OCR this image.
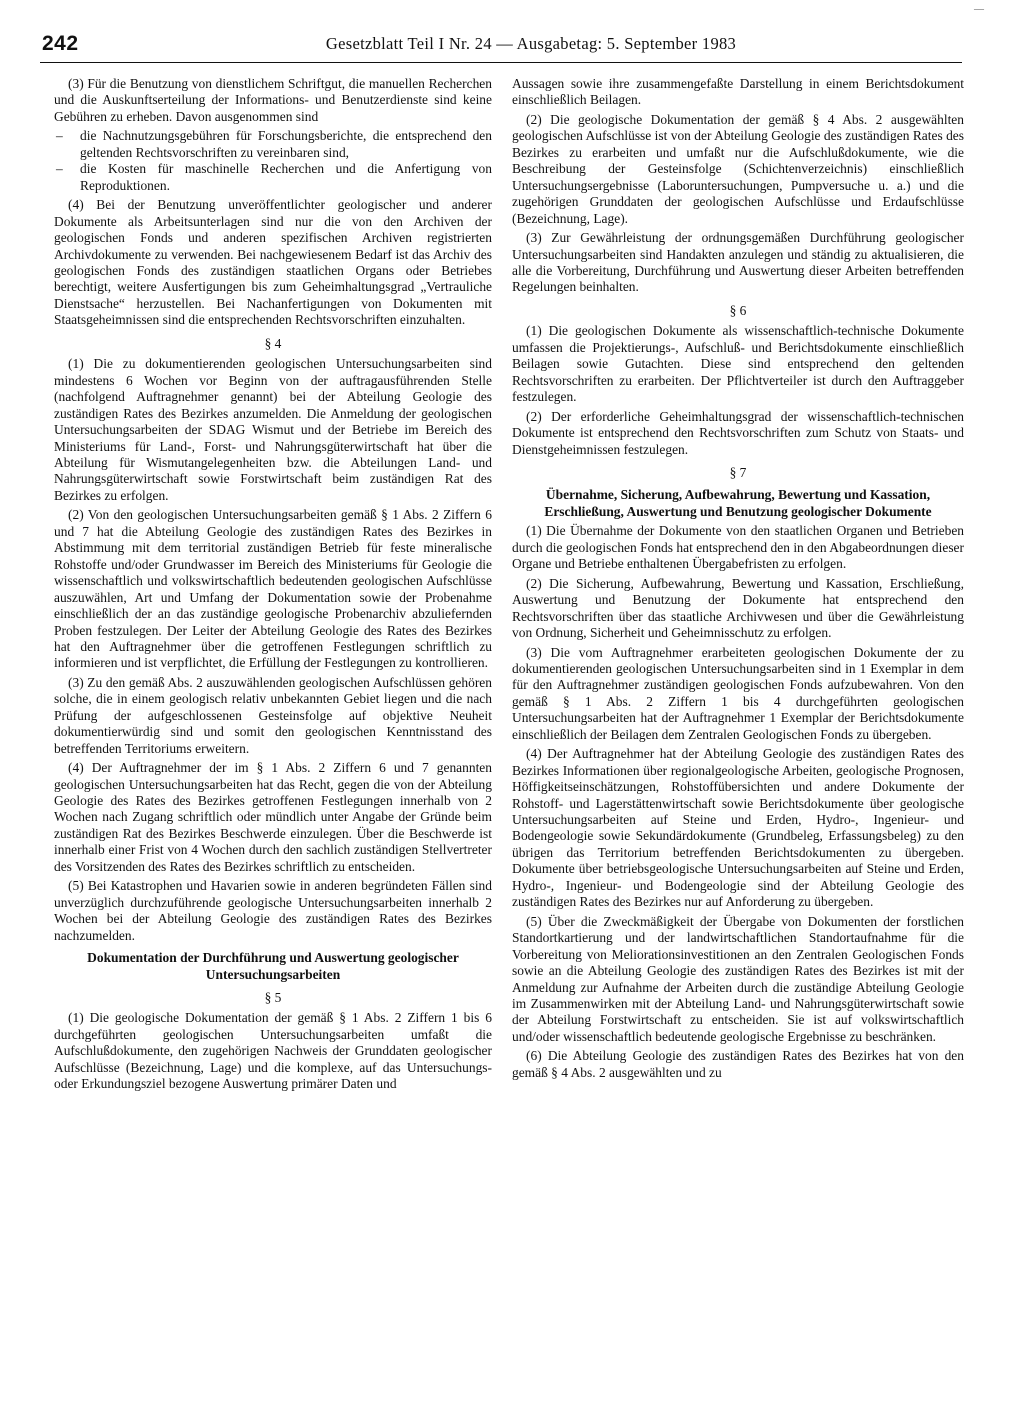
—
242	Gesetzblatt Teil I Nr. 24 — Ausgabetag: 5. September 1983

(3) Für die Benutzung von dienstlichem Schriftgut, die manuellen Recherchen und die Auskunftserteilung der Informations- und Benutzerdienste sind keine Gebühren zu erheben. Davon ausgenommen sind

– die Nachnutzungsgebühren für Forschungsberichte, die entsprechend den geltenden Rechtsvorschriften zu vereinbaren sind,
– die Kosten für maschinelle Recherchen und die Anfertigung von Reproduktionen.

(4) Bei der Benutzung unveröffentlichter geologischer und anderer Dokumente als Arbeitsunterlagen sind nur die von den Archiven der geologischen Fonds und anderen spezifischen Archiven registrierten Archivdokumente zu verwenden. Bei nachgewiesenem Bedarf ist das Archiv des geologischen Fonds des zuständigen staatlichen Organs oder Betriebes berechtigt, weitere Ausfertigungen bis zum Geheimhaltungsgrad „Vertrauliche Dienstsache“ herzustellen. Bei Nachanfertigungen von Dokumenten mit Staatsgeheimnissen sind die entsprechenden Rechtsvorschriften einzuhalten.

§ 4

(1) Die zu dokumentierenden geologischen Untersuchungsarbeiten sind mindestens 6 Wochen vor Beginn von der auftragausführenden Stelle (nachfolgend Auftragnehmer genannt) bei der Abteilung Geologie des zuständigen Rates des Bezirkes anzumelden. Die Anmeldung der geologischen Untersuchungsarbeiten der SDAG Wismut und der Betriebe im Bereich des Ministeriums für Land-, Forst- und Nahrungsgüterwirtschaft hat über die Abteilung für Wismutangelegenheiten bzw. die Abteilungen Land- und Nahrungsgüterwirtschaft sowie Forstwirtschaft beim zuständigen Rat des Bezirkes zu erfolgen.

(2) Von den geologischen Untersuchungsarbeiten gemäß § 1 Abs. 2 Ziffern 6 und 7 hat die Abteilung Geologie des zuständigen Rates des Bezirkes in Abstimmung mit dem territorial zuständigen Betrieb für feste mineralische Rohstoffe und/oder Grundwasser im Bereich des Ministeriums für Geologie die wissenschaftlich und volkswirtschaftlich bedeutenden geologischen Aufschlüsse auszuwählen, Art und Umfang der Dokumentation sowie der Probenahme einschließlich der an das zuständige geologische Probenarchiv abzuliefernden Proben festzulegen. Der Leiter der Abteilung Geologie des Rates des Bezirkes hat den Auftragnehmer über die getroffenen Festlegungen schriftlich zu informieren und ist verpflichtet, die Erfüllung der Festlegungen zu kontrollieren.

(3) Zu den gemäß Abs. 2 auszuwählenden geologischen Aufschlüssen gehören solche, die in einem geologisch relativ unbekannten Gebiet liegen und die nach Prüfung der aufgeschlossenen Gesteinsfolge auf objektive Neuheit dokumentierwürdig sind und somit den geologischen Kenntnisstand des betreffenden Territoriums erweitern.

(4) Der Auftragnehmer der im § 1 Abs. 2 Ziffern 6 und 7 genannten geologischen Untersuchungsarbeiten hat das Recht, gegen die von der Abteilung Geologie des Rates des Bezirkes getroffenen Festlegungen innerhalb von 2 Wochen nach Zugang schriftlich oder mündlich unter Angabe der Gründe beim zuständigen Rat des Bezirkes Beschwerde einzulegen. Über die Beschwerde ist innerhalb einer Frist von 4 Wochen durch den sachlich zuständigen Stellvertreter des Vorsitzenden des Rates des Bezirkes schriftlich zu entscheiden.

(5) Bei Katastrophen und Havarien sowie in anderen begründeten Fällen sind unverzüglich durchzuführende geologische Untersuchungsarbeiten innerhalb 2 Wochen bei der Abteilung Geologie des zuständigen Rates des Bezirkes nachzumelden.

Dokumentation der Durchführung und Auswertung geologischer Untersuchungsarbeiten
§ 5

(1) Die geologische Dokumentation der gemäß § 1 Abs. 2 Ziffern 1 bis 6 durchgeführten geologischen Untersuchungsarbeiten umfaßt die Aufschlußdokumente, den zugehörigen Nachweis der Grunddaten geologischer Aufschlüsse (Bezeichnung, Lage) und die komplexe, auf das Untersuchungs- oder Erkundungsziel bezogene Auswertung primärer Daten und

Aussagen sowie ihre zusammengefaßte Darstellung in einem Berichtsdokument einschließlich Beilagen.

(2) Die geologische Dokumentation der gemäß § 4 Abs. 2 ausgewählten geologischen Aufschlüsse ist von der Abteilung Geologie des zuständigen Rates des Bezirkes zu erarbeiten und umfaßt nur die Aufschlußdokumente, wie die Beschreibung der Gesteinsfolge (Schichtenverzeichnis) einschließlich Untersuchungsergebnisse (Laboruntersuchungen, Pumpversuche u. a.) und die zugehörigen Grunddaten der geologischen Aufschlüsse und Erdaufschlüsse (Bezeichnung, Lage).

(3) Zur Gewährleistung der ordnungsgemäßen Durchführung geologischer Untersuchungsarbeiten sind Handakten anzulegen und ständig zu aktualisieren, die alle die Vorbereitung, Durchführung und Auswertung dieser Arbeiten betreffenden Regelungen beinhalten.

§ 6

(1) Die geologischen Dokumente als wissenschaftlich-technische Dokumente umfassen die Projektierungs-, Aufschluß- und Berichtsdokumente einschließlich Beilagen sowie Gutachten. Diese sind entsprechend den geltenden Rechtsvorschriften zu erarbeiten. Der Pflichtverteiler ist durch den Auftraggeber festzulegen.

(2) Der erforderliche Geheimhaltungsgrad der wissenschaftlich-technischen Dokumente ist entsprechend den Rechtsvorschriften zum Schutz von Staats- und Dienstgeheimnissen festzulegen.

§ 7
Übernahme, Sicherung, Aufbewahrung, Bewertung und Kassation, Erschließung, Auswertung und Benutzung geologischer Dokumente

(1) Die Übernahme der Dokumente von den staatlichen Organen und Betrieben durch die geologischen Fonds hat entsprechend den in den Abgabeordnungen dieser Organe und Betriebe enthaltenen Übergabefristen zu erfolgen.

(2) Die Sicherung, Aufbewahrung, Bewertung und Kassation, Erschließung, Auswertung und Benutzung der Dokumente hat entsprechend den Rechtsvorschriften über das staatliche Archivwesen und über die Gewährleistung von Ordnung, Sicherheit und Geheimnisschutz zu erfolgen.

(3) Die vom Auftragnehmer erarbeiteten geologischen Dokumente der zu dokumentierenden geologischen Untersuchungsarbeiten sind in 1 Exemplar in dem für den Auftragnehmer zuständigen geologischen Fonds aufzubewahren. Von den gemäß § 1 Abs. 2 Ziffern 1 bis 4 durchgeführten geologischen Untersuchungsarbeiten hat der Auftragnehmer 1 Exemplar der Berichtsdokumente einschließlich der Beilagen dem Zentralen Geologischen Fonds zu übergeben.

(4) Der Auftragnehmer hat der Abteilung Geologie des zuständigen Rates des Bezirkes Informationen über regionalgeologische Arbeiten, geologische Prognosen, Höffigkeitseinschätzungen, Rohstoffübersichten und andere Dokumente der Rohstoff- und Lagerstättenwirtschaft sowie Berichtsdokumente über geologische Untersuchungsarbeiten auf Steine und Erden, Hydro-, Ingenieur- und Bodengeologie sowie Sekundärdokumente (Grundbeleg, Erfassungsbeleg) zu den übrigen das Territorium betreffenden Berichtsdokumenten zu übergeben. Dokumente über betriebsgeologische Untersuchungsarbeiten auf Steine und Erden, Hydro-, Ingenieur- und Bodengeologie sind der Abteilung Geologie des zuständigen Rates des Bezirkes nur auf Anforderung zu übergeben.

(5) Über die Zweckmäßigkeit der Übergabe von Dokumenten der forstlichen Standortkartierung und der landwirtschaftlichen Standortaufnahme für die Vorbereitung von Meliorationsinvestitionen an den Zentralen Geologischen Fonds sowie an die Abteilung Geologie des zuständigen Rates des Bezirkes ist mit der Anmeldung zur Aufnahme der Arbeiten durch die zuständige Abteilung Geologie im Zusammenwirken mit der Abteilung Land- und Nahrungsgüterwirtschaft sowie der Abteilung Forstwirtschaft zu entscheiden. Sie ist auf volkswirtschaftlich und/oder wissenschaftlich bedeutende geologische Ergebnisse zu beschränken.

(6) Die Abteilung Geologie des zuständigen Rates des Bezirkes hat von den gemäß § 4 Abs. 2 ausgewählten und zu
